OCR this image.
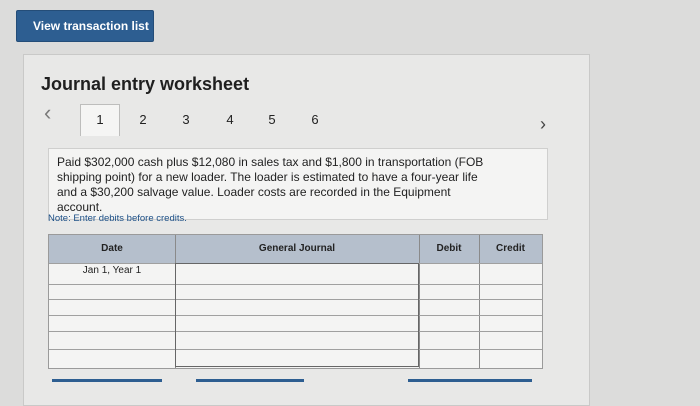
View transaction list
Journal entry worksheet
‹	1	2	3	4	5	6	›
Paid $302,000 cash plus $12,080 in sales tax and $1,800 in transportation (FOB shipping point) for a new loader. The loader is estimated to have a four-year life and a $30,200 salvage value. Loader costs are recorded in the Equipment account.
Note: Enter debits before credits.
Date	General Journal	Debit	Credit
Jan 1, Year 1
